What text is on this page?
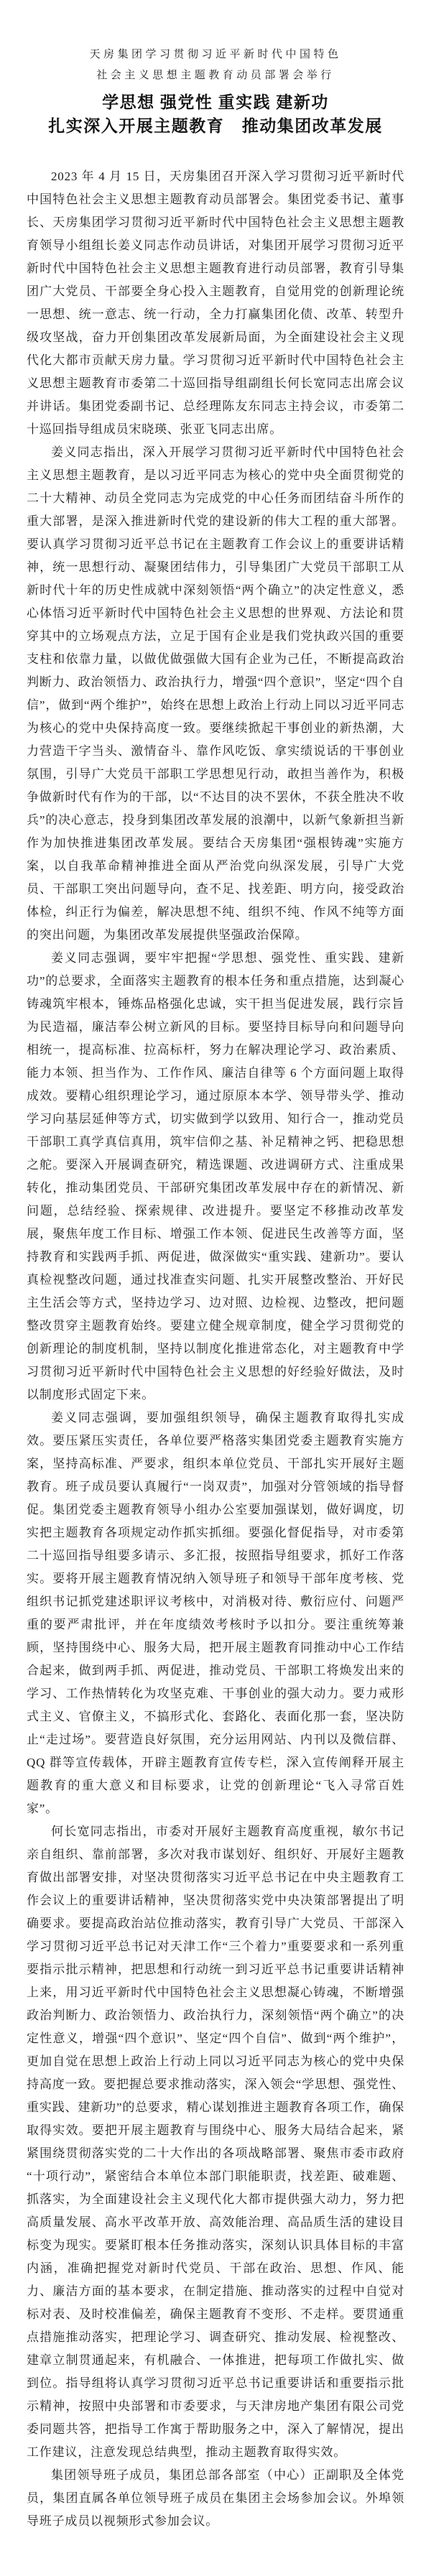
天房集团学习贯彻习近平新时代中国特色
社会主义思想主题教育动员部署会举行
学思想 强党性 重实践 建新功
扎实深入开展主题教育　推动集团改革发展

2023 年 4 月 15 日，天房集团召开深入学习贯彻习近平新时代中国特色社会主义思想主题教育动员部署会。集团党委书记、董事长、天房集团学习贯彻习近平新时代中国特色社会主义思想主题教育领导小组组长姜义同志作动员讲话，对集团开展学习贯彻习近平新时代中国特色社会主义思想主题教育进行动员部署，教育引导集团广大党员、干部要全身心投入主题教育，自觉用党的创新理论统一思想、统一意志、统一行动，全力打赢集团化债、改革、转型升级攻坚战，奋力开创集团改革发展新局面，为全面建设社会主义现代化大都市贡献天房力量。学习贯彻习近平新时代中国特色社会主义思想主题教育市委第二十巡回指导组副组长何长宽同志出席会议并讲话。集团党委副书记、总经理陈友东同志主持会议，市委第二十巡回指导组成员宋晓瑛、张亚飞同志出席。

姜义同志指出，深入开展学习贯彻习近平新时代中国特色社会主义思想主题教育，是以习近平同志为核心的党中央全面贯彻党的二十大精神、动员全党同志为完成党的中心任务而团结奋斗所作的重大部署，是深入推进新时代党的建设新的伟大工程的重大部署。要认真学习贯彻习近平总书记在主题教育工作会议上的重要讲话精神，统一思想行动、凝聚团结伟力，引导集团广大党员干部职工从新时代十年的历史性成就中深刻领悟“两个确立”的决定性意义，悉心体悟习近平新时代中国特色社会主义思想的世界观、方法论和贯穿其中的立场观点方法，立足于国有企业是我们党执政兴国的重要支柱和依靠力量，以做优做强做大国有企业为己任，不断提高政治判断力、政治领悟力、政治执行力，增强“四个意识”，坚定“四个自信”，做到“两个维护”，始终在思想上政治上行动上同以习近平同志为核心的党中央保持高度一致。要继续掀起干事创业的新热潮，大力营造干字当头、激情奋斗、靠作风吃饭、拿实绩说话的干事创业氛围，引导广大党员干部职工学思想见行动，敢担当善作为，积极争做新时代有作为的干部，以“不达目的决不罢休，不获全胜决不收兵”的决心意志，投身到集团改革发展的浪潮中，以新气象新担当新作为加快推进集团改革发展。要结合天房集团“强根铸魂”实施方案，以自我革命精神推进全面从严治党向纵深发展，引导广大党员、干部职工突出问题导向，查不足、找差距、明方向，接受政治体检，纠正行为偏差，解决思想不纯、组织不纯、作风不纯等方面的突出问题，为集团改革发展提供坚强政治保障。

姜义同志强调，要牢牢把握“学思想、强党性、重实践、建新功”的总要求，全面落实主题教育的根本任务和重点措施，达到凝心铸魂筑牢根本，锤炼品格强化忠诚，实干担当促进发展，践行宗旨为民造福，廉洁奉公树立新风的目标。要坚持目标导向和问题导向相统一，提高标准、拉高标杆，努力在解决理论学习、政治素质、能力本领、担当作为、工作作风、廉洁自律等 6 个方面问题上取得成效。要精心组织理论学习，通过原原本本学、领导带头学、推动学习向基层延伸等方式，切实做到学以致用、知行合一，推动党员干部职工真学真信真用，筑牢信仰之基、补足精神之钙、把稳思想之舵。要深入开展调查研究，精选课题、改进调研方式、注重成果转化，推动集团党员、干部研究集团改革发展中存在的新情况、新问题，总结经验、探索规律、改进提升。要坚定不移推动改革发展，聚焦年度工作目标、增强工作本领、促进民生改善等方面，坚持教育和实践两手抓、两促进，做深做实“重实践、建新功”。要认真检视整改问题，通过找准查实问题、扎实开展整改整治、开好民主生活会等方式，坚持边学习、边对照、边检视、边整改，把问题整改贯穿主题教育始终。要建立健全规章制度，健全学习贯彻党的创新理论的制度机制，坚持以制度化推进常态化，对主题教育中学习贯彻习近平新时代中国特色社会主义思想的好经验好做法，及时以制度形式固定下来。

姜义同志强调，要加强组织领导，确保主题教育取得扎实成效。要压紧压实责任，各单位要严格落实集团党委主题教育实施方案，坚持高标准、严要求，组织本单位党员、干部扎实开展好主题教育。班子成员要认真履行“一岗双责”，加强对分管领域的指导督促。集团党委主题教育领导小组办公室要加强谋划，做好调度，切实把主题教育各项规定动作抓实抓细。要强化督促指导，对市委第二十巡回指导组要多请示、多汇报，按照指导组要求，抓好工作落实。要将开展主题教育情况纳入领导班子和领导干部年度考核、党组织书记抓党建述职评议考核中，对消极对待、敷衍应付、问题严重的要严肃批评，并在年度绩效考核时予以扣分。要注重统筹兼顾，坚持围绕中心、服务大局，把开展主题教育同推动中心工作结合起来，做到两手抓、两促进，推动党员、干部职工将焕发出来的学习、工作热情转化为攻坚克难、干事创业的强大动力。要力戒形式主义、官僚主义，不搞形式化、套路化、表面化那一套，坚决防止“走过场”。要营造良好氛围，充分运用网站、内刊以及微信群、QQ 群等宣传载体，开辟主题教育宣传专栏，深入宣传阐释开展主题教育的重大意义和目标要求，让党的创新理论“飞入寻常百姓家”。

何长宽同志指出，市委对开展好主题教育高度重视，敏尔书记亲自组织、靠前部署，多次对我市谋划好、组织好、开展好主题教育做出部署安排，对坚决贯彻落实习近平总书记在中央主题教育工作会议上的重要讲话精神，坚决贯彻落实党中央决策部署提出了明确要求。要提高政治站位推动落实，教育引导广大党员、干部深入学习贯彻习近平总书记对天津工作“三个着力”重要要求和一系列重要指示批示精神，把思想和行动统一到习近平总书记重要讲话精神上来，用习近平新时代中国特色社会主义思想凝心铸魂，不断增强政治判断力、政治领悟力、政治执行力，深刻领悟“两个确立”的决定性意义，增强“四个意识”、坚定“四个自信”、做到“两个维护”，更加自觉在思想上政治上行动上同以习近平同志为核心的党中央保持高度一致。要把握总要求推动落实，深入领会“学思想、强党性、重实践、建新功”的总要求，精心谋划推进主题教育各项工作，确保取得实效。要把开展主题教育与围绕中心、服务大局结合起来，紧紧围绕贯彻落实党的二十大作出的各项战略部署、聚焦市委市政府“十项行动”，紧密结合本单位本部门职能职责，找差距、破难题、抓落实，为全面建设社会主义现代化大都市提供强大动力，努力把高质量发展、高水平改革开放、高效能治理、高品质生活的建设目标变为现实。要紧盯根本任务推动落实，深刻认识具体目标的丰富内涵，准确把握党对新时代党员、干部在政治、思想、作风、能力、廉洁方面的基本要求，在制定措施、推动落实的过程中自觉对标对表、及时校准偏差，确保主题教育不变形、不走样。要贯通重点措施推动落实，把理论学习、调查研究、推动发展、检视整改、建章立制贯通起来，有机融合、一体推进，把每项工作做扎实、做到位。指导组将认真学习贯彻习近平总书记重要讲话和重要指示批示精神，按照中央部署和市委要求，与天津房地产集团有限公司党委同题共答，把指导工作寓于帮助服务之中，深入了解情况，提出工作建议，注意发现总结典型，推动主题教育取得实效。

集团领导班子成员，集团总部各部室（中心）正副职及全体党员，集团直属各单位领导班子成员在集团主会场参加会议。外埠领导班子成员以视频形式参加会议。
